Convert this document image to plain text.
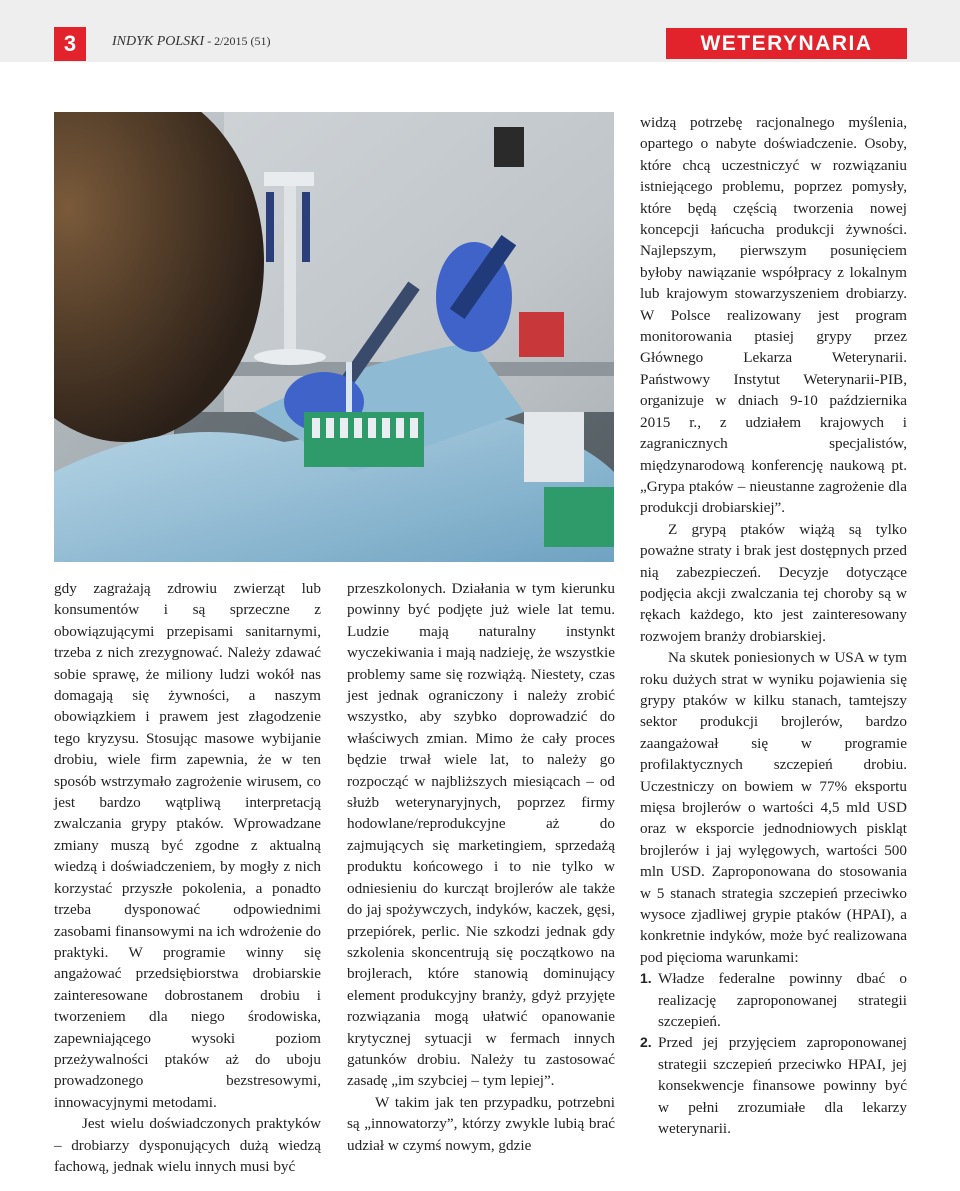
3	INDYK POLSKI - 2/2015 (51)	WETERYNARIA

gdy zagrażają zdrowiu zwierząt lub konsumentów i są sprzeczne z obowiązującymi przepisami sanitarnymi, trzeba z nich zrezygnować. Należy zdawać sobie sprawę, że miliony ludzi wokół nas domagają się żywności, a naszym obowiązkiem i prawem jest złagodzenie tego kryzysu. Stosując masowe wybijanie drobiu, wiele firm zapewnia, że w ten sposób wstrzymało zagrożenie wirusem, co jest bardzo wątpliwą interpretacją zwalczania grypy ptaków. Wprowadzane zmiany muszą być zgodne z aktualną wiedzą i doświadczeniem, by mogły z nich korzystać przyszłe pokolenia, a ponadto trzeba dysponować odpowiednimi zasobami finansowymi na ich wdrożenie do praktyki. W programie winny się angażować przedsiębiorstwa drobiarskie zainteresowane dobrostanem drobiu i tworzeniem dla niego środowiska, zapewniającego wysoki poziom przeżywalności ptaków aż do uboju prowadzonego bezstresowymi, innowacyjnymi metodami.

Jest wielu doświadczonych praktyków – drobiarzy dysponujących dużą wiedzą fachową, jednak wielu innych musi być

przeszkolonych. Działania w tym kierunku powinny być podjęte już wiele lat temu. Ludzie mają naturalny instynkt wyczekiwania i mają nadzieję, że wszystkie problemy same się rozwiążą. Niestety, czas jest jednak ograniczony i należy zrobić wszystko, aby szybko doprowadzić do właściwych zmian. Mimo że cały proces będzie trwał wiele lat, to należy go rozpocząć w najbliższych miesiącach – od służb weterynaryjnych, poprzez firmy hodowlane/reprodukcyjne aż do zajmujących się marketingiem, sprzedażą produktu końcowego i to nie tylko w odniesieniu do kurcząt brojlerów ale także do jaj spożywczych, indyków, kaczek, gęsi, przepiórek, perlic. Nie szkodzi jednak gdy szkolenia skoncentrują się początkowo na brojlerach, które stanowią dominujący element produkcyjny branży, gdyż przyjęte rozwiązania mogą ułatwić opanowanie krytycznej sytuacji w fermach innych gatunków drobiu. Należy tu zastosować zasadę „im szybciej – tym lepiej”.

W takim jak ten przypadku, potrzebni są „innowatorzy”, którzy zwykle lubią brać udział w czymś nowym, gdzie

widzą potrzebę racjonalnego myślenia, opartego o nabyte doświadczenie. Osoby, które chcą uczestniczyć w rozwiązaniu istniejącego problemu, poprzez pomysły, które będą częścią tworzenia nowej koncepcji łańcucha produkcji żywności. Najlepszym, pierwszym posunięciem byłoby nawiązanie współpracy z lokalnym lub krajowym stowarzyszeniem drobiarzy. W Polsce realizowany jest program monitorowania ptasiej grypy przez Głównego Lekarza Weterynarii. Państwowy Instytut Weterynarii-PIB, organizuje w dniach 9-10 października 2015 r., z udziałem krajowych i zagranicznych specjalistów, międzynarodową konferencję naukową pt. „Grypa ptaków – nieustanne zagrożenie dla produkcji drobiarskiej”.

Z grypą ptaków wiążą są tylko poważne straty i brak jest dostępnych przed nią zabezpieczeń. Decyzje dotyczące podjęcia akcji zwalczania tej choroby są w rękach każdego, kto jest zainteresowany rozwojem branży drobiarskiej.

Na skutek poniesionych w USA w tym roku dużych strat w wyniku pojawienia się grypy ptaków w kilku stanach, tamtejszy sektor produkcji brojlerów, bardzo zaangażował się w programie profilaktycznych szczepień drobiu. Uczestniczy on bowiem w 77% eksportu mięsa brojlerów o wartości 4,5 mld USD oraz w eksporcie jednodniowych piskląt brojlerów i jaj wylęgowych, wartości 500 mln USD. Zaproponowana do stosowania w 5 stanach strategia szczepień przeciwko wysoce zjadliwej grypie ptaków (HPAI), a konkretnie indyków, może być realizowana pod pięcioma warunkami:

1. Władze federalne powinny dbać o realizację zaproponowanej strategii szczepień.
2. Przed jej przyjęciem zaproponowanej strategii szczepień przeciwko HPAI, jej konsekwencje finansowe powinny być w pełni zrozumiałe dla lekarzy weterynarii.
